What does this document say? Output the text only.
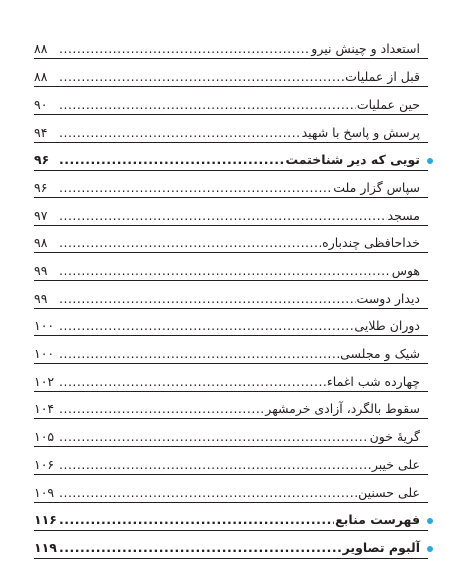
استعداد و چینش نیرو
.....
۸۸
قبل از عملیات
.....
۸۸
حین عملیات
.....
۹۰
پرسش و پاسخ با شهید
.....
۹۴
تویی که دیر شناختمت
.....
۹۶
سپاس گزار ملت
.....
۹۶
مسجد
.....
۹۷
خداحافظی چندباره
.....
۹۸
هوس
.....
۹۹
دیدار دوست
.....
۹۹
دوران طلایی
.....
۱۰۰
شیک و مجلسی
.....
۱۰۰
چهارده شب اغماء
.....
۱۰۲
سقوط بالگرد، آزادی خرمشهر
.....
۱۰۴
گریهٔ خون
.....
۱۰۵
علی خیبر
.....
۱۰۶
علی حسنین
.....
۱۰۹
فهرست منابع
.....
۱۱۶
آلبوم تصاویر
.....
۱۱۹
